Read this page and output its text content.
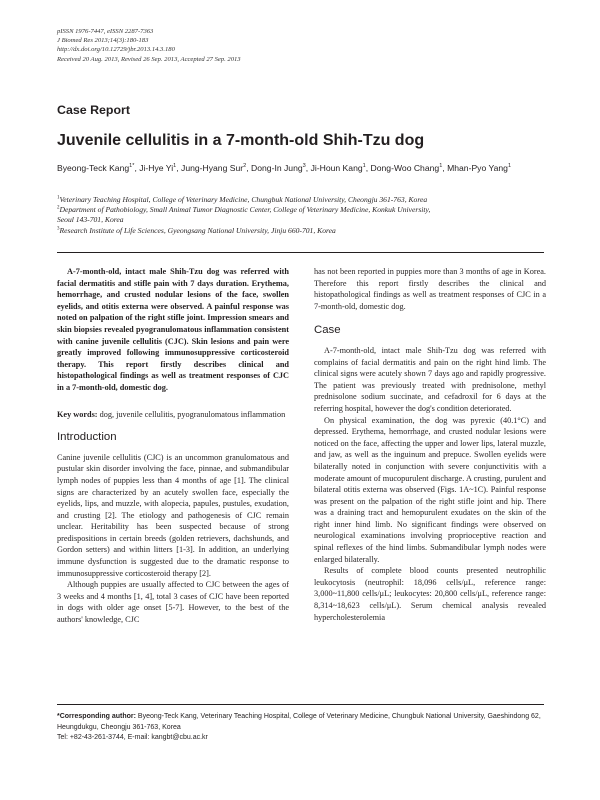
pISSN 1976-7447, eISSN 2287-7363
J Biomed Res 2013;14(3):180-183
http://dx.doi.org/10.12729/jbr.2013.14.3.180
Received 20 Aug. 2013, Revised 26 Sep. 2013, Accepted 27 Sep. 2013
Case Report
Juvenile cellulitis in a 7-month-old Shih-Tzu dog
Byeong-Teck Kang$^{1*}$, Ji-Hye Yi$^1$, Jung-Hyang Sur$^2$, Dong-In Jung$^3$, Ji-Houn Kang$^1$, Dong-Woo Chang$^1$, Mhan-Pyo Yang$^1$
$^1$Veterinary Teaching Hospital, College of Veterinary Medicine, Chungbuk National University, Cheongju 361-763, Korea
$^2$Department of Pathobiology, Small Animal Tumor Diagnostic Center, College of Veterinary Medicine, Konkuk University,
Seoul 143-701, Korea
$^3$Research Institute of Life Sciences, Gyeongsang National University, Jinju 660-701, Korea

A-7-month-old, intact male Shih-Tzu dog was referred with facial dermatitis and stifle pain with 7 days duration. Erythema, hemorrhage, and crusted nodular lesions of the face, swollen eyelids, and otitis externa were observed. A painful response was noted on palpation of the right stifle joint. Impression smears and skin biopsies revealed pyogranulomatous inflammation consistent with canine juvenile cellulitis (CJC). Skin lesions and pain were greatly improved following immunosuppressive corticosteroid therapy. This report firstly describes clinical and histopathological findings as well as treatment responses of CJC in a 7-month-old, domestic dog.

Key words: dog, juvenile cellulitis, pyogranulomatous inflammation

Introduction

Canine juvenile cellulitis (CJC) is an uncommon granulomatous and pustular skin disorder involving the face, pinnae, and submandibular lymph nodes of puppies less than 4 months of age [1]. The clinical signs are characterized by an acutely swollen face, especially the eyelids, lips, and muzzle, with alopecia, papules, pustules, exudation, and crusting [2]. The etiology and pathogenesis of CJC remain unclear. Heritability has been suspected because of strong predispositions in certain breeds (golden retrievers, dachshunds, and Gordon setters) and within litters [1-3]. In addition, an underlying immune dysfunction is suggested due to the dramatic response to immunosuppressive corticosteroid therapy [2].

Although puppies are usually affected to CJC between the ages of 3 weeks and 4 months [1, 4], total 3 cases of CJC have been reported in dogs with older age onset [5-7]. However, to the best of the authors' knowledge, CJC

has not been reported in puppies more than 3 months of age in Korea. Therefore this report firstly describes the clinical and histopathological findings as well as treatment responses of CJC in a 7-month-old, domestic dog.

Case

A-7-month-old, intact male Shih-Tzu dog was referred with complains of facial dermatitis and pain on the right hind limb. The clinical signs were acutely shown 7 days ago and rapidly progressive. The patient was previously treated with prednisolone, methyl prednisolone sodium succinate, and cefadroxil for 6 days at the referring hospital, however the dog's condition deteriorated.

On physical examination, the dog was pyrexic (40.1°C) and depressed. Erythema, hemorrhage, and crusted nodular lesions were noticed on the face, affecting the upper and lower lips, lateral muzzle, and jaw, as well as the inguinum and prepuce. Swollen eyelids were bilaterally noted in conjunction with severe conjunctivitis with a moderate amount of mucopurulent discharge. A crusting, purulent and bilateral otitis externa was observed (Figs. 1A~1C). Painful response was present on the palpation of the right stifle joint and hip. There was a draining tract and hemopurulent exudates on the skin of the right inner hind limb. No significant findings were observed on neurological examinations involving proprioceptive reaction and spinal reflexes of the hind limbs. Submandibular lymph nodes were enlarged bilaterally.

Results of complete blood counts presented neutrophilic leukocytosis (neutrophil: 18,096 cells/μL, reference range: 3,000~11,800 cells/μL; leukocytes: 20,800 cells/μL, reference range: 8,314~18,623 cells/μL). Serum chemical analysis revealed hypercholesterolemia

*Corresponding author: Byeong-Teck Kang, Veterinary Teaching Hospital, College of Veterinary Medicine, Chungbuk National University, Gaeshindong 62, Heungdukgu, Cheongju 361-763, Korea
Tel: +82-43-261-3744, E-mail: kangbt@cbu.ac.kr
